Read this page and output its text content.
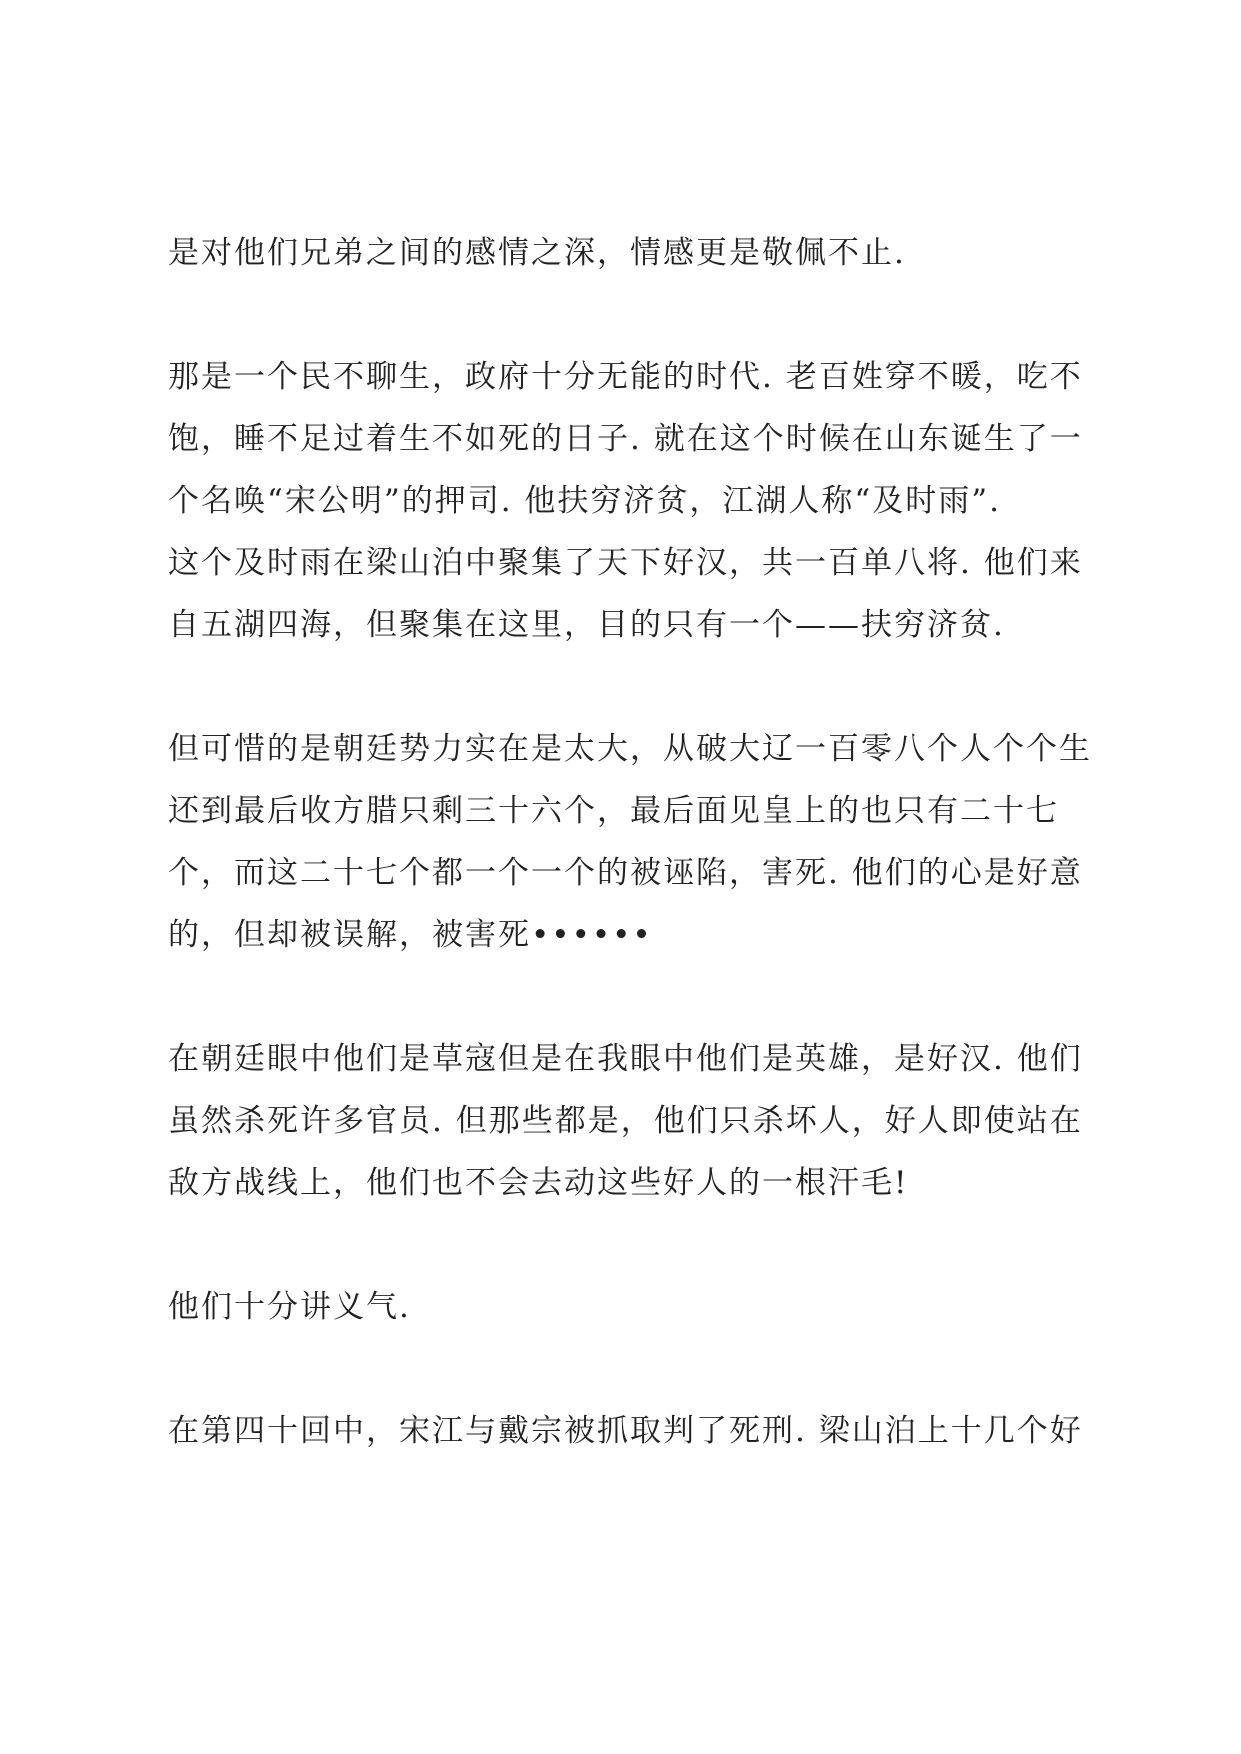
是对他们兄弟之间的感情之深，情感更是敬佩不止.

那是一个民不聊生，政府十分无能的时代. 老百姓穿不暖，吃不
饱，睡不足过着生不如死的日子. 就在这个时候在山东诞生了一
个名唤“宋公明”的押司. 他扶穷济贫，江湖人称“及时雨”.
这个及时雨在梁山泊中聚集了天下好汉，共一百单八将. 他们来
自五湖四海，但聚集在这里，目的只有一个——扶穷济贫.

但可惜的是朝廷势力实在是太大，从破大辽一百零八个人个个生
还到最后收方腊只剩三十六个，最后面见皇上的也只有二十七
个，而这二十七个都一个一个的被诬陷，害死. 他们的心是好意
的，但却被误解，被害死••••••

在朝廷眼中他们是草寇但是在我眼中他们是英雄，是好汉. 他们
虽然杀死许多官员. 但那些都是，他们只杀坏人，好人即使站在
敌方战线上，他们也不会去动这些好人的一根汗毛!

他们十分讲义气.

在第四十回中，宋江与戴宗被抓取判了死刑. 梁山泊上十几个好
